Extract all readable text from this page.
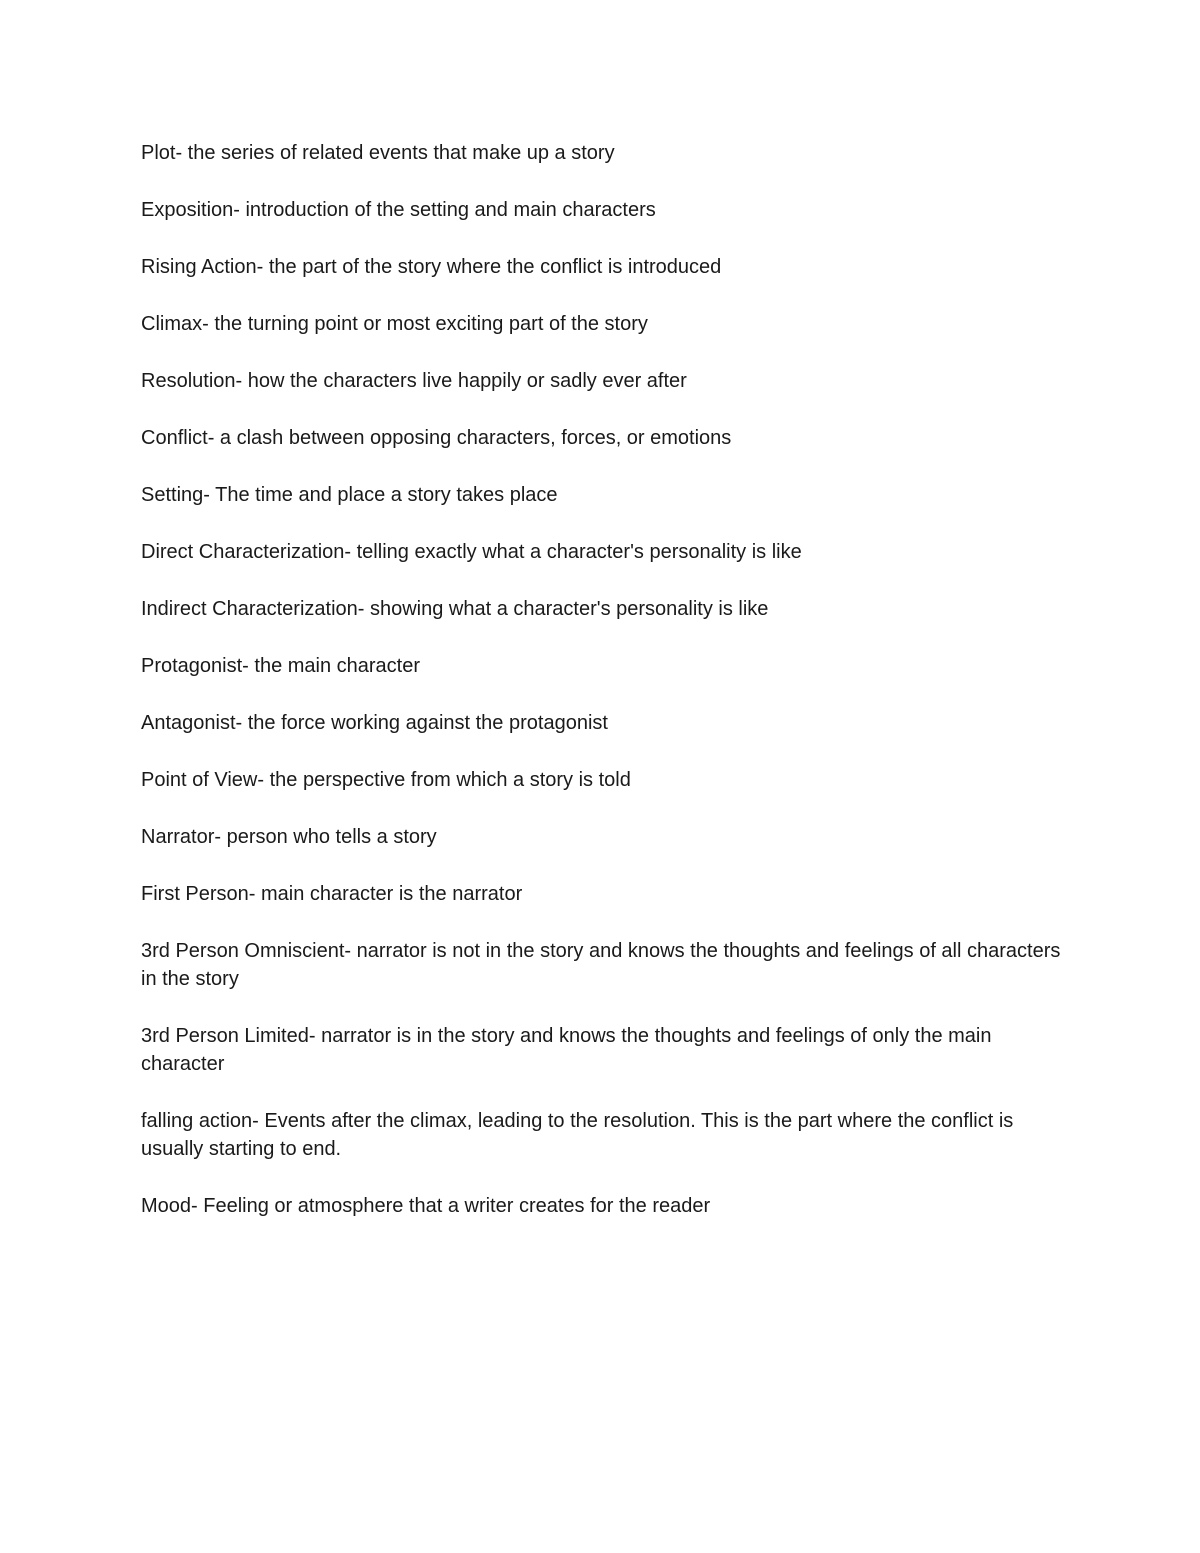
Plot- the series of related events that make up a story

Exposition- introduction of the setting and main characters

Rising Action- the part of the story where the conflict is introduced

Climax- the turning point or most exciting part of the story

Resolution- how the characters live happily or sadly ever after

Conflict- a clash between opposing characters, forces, or emotions

Setting- The time and place a story takes place

Direct Characterization- telling exactly what a character's personality is like

Indirect Characterization- showing what a character's personality is like

Protagonist- the main character

Antagonist- the force working against the protagonist

Point of View- the perspective from which a story is told

Narrator- person who tells a story

First Person- main character is the narrator

3rd Person Omniscient- narrator is not in the story and knows the thoughts and feelings of all characters in the story

3rd Person Limited- narrator is in the story and knows the thoughts and feelings of only the main character

falling action- Events after the climax, leading to the resolution. This is the part where the conflict is usually starting to end.

Mood- Feeling or atmosphere that a writer creates for the reader
